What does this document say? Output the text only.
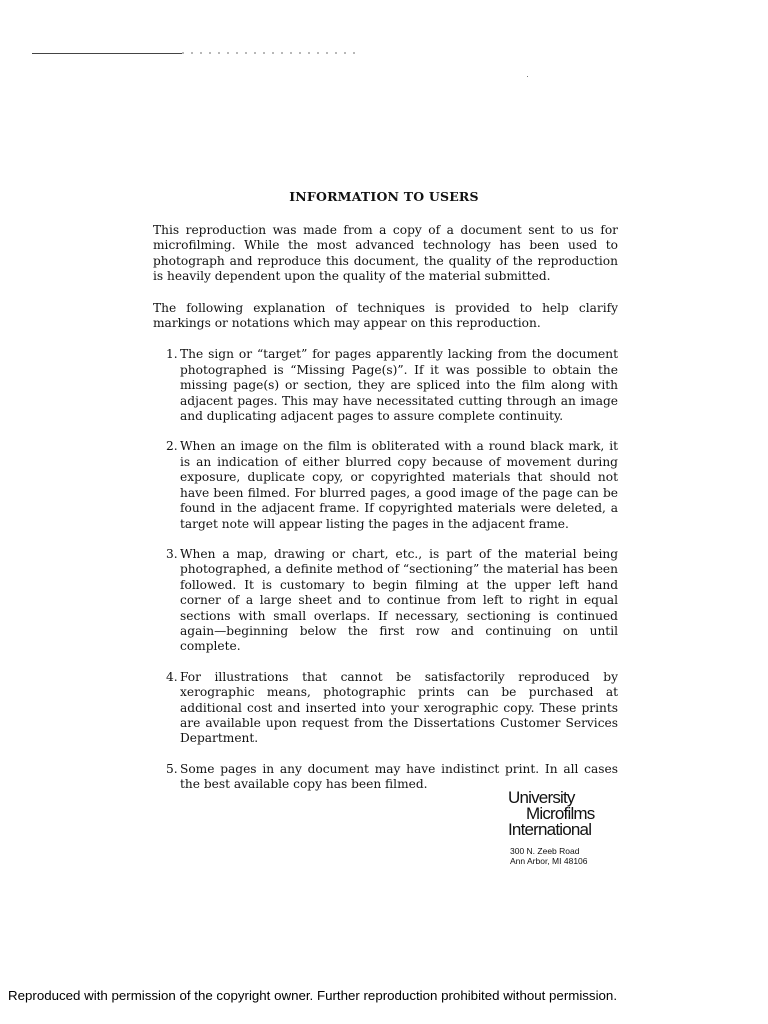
INFORMATION TO USERS

This reproduction was made from a copy of a document sent to us for microfilming. While the most advanced technology has been used to photograph and reproduce this document, the quality of the reproduction is heavily dependent upon the quality of the material submitted.

The following explanation of techniques is provided to help clarify markings or notations which may appear on this reproduction.

1. The sign or “target” for pages apparently lacking from the document photographed is “Missing Page(s)”. If it was possible to obtain the missing page(s) or section, they are spliced into the film along with adjacent pages. This may have necessitated cutting through an image and duplicating adjacent pages to assure complete continuity.
2. When an image on the film is obliterated with a round black mark, it is an indication of either blurred copy because of movement during exposure, duplicate copy, or copyrighted materials that should not have been filmed. For blurred pages, a good image of the page can be found in the adjacent frame. If copyrighted materials were deleted, a target note will appear listing the pages in the adjacent frame.
3. When a map, drawing or chart, etc., is part of the material being photographed, a definite method of “sectioning” the material has been followed. It is customary to begin filming at the upper left hand corner of a large sheet and to continue from left to right in equal sections with small overlaps. If necessary, sectioning is continued again—beginning below the first row and continuing on until complete.
4. For illustrations that cannot be satisfactorily reproduced by xerographic means, photographic prints can be purchased at additional cost and inserted into your xerographic copy. These prints are available upon request from the Dissertations Customer Services Department.
5. Some pages in any document may have indistinct print. In all cases the best available copy has been filmed.
University
Microfilms
International
300 N. Zeeb Road
Ann Arbor, MI 48106
Reproduced with permission of the copyright owner. Further reproduction prohibited without permission.
